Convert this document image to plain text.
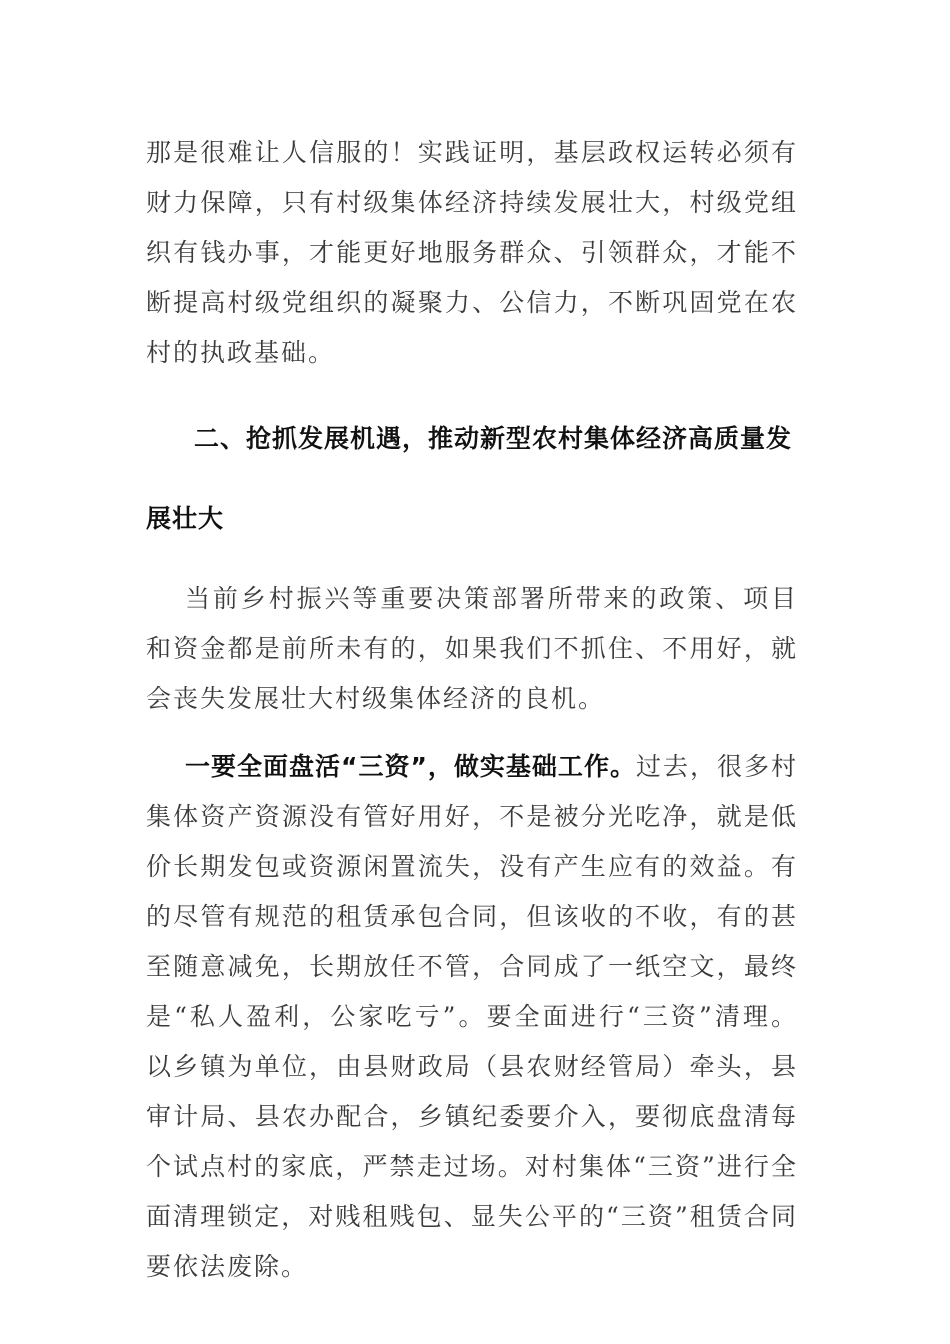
那是很难让人信服的！实践证明，基层政权运转必须有财力保障，只有村级集体经济持续发展壮大，村级党组织有钱办事，才能更好地服务群众、引领群众，才能不断提高村级党组织的凝聚力、公信力，不断巩固党在农村的执政基础。

二、抢抓发展机遇，推动新型农村集体经济高质量发
展壮大

当前乡村振兴等重要决策部署所带来的政策、项目和资金都是前所未有的，如果我们不抓住、不用好，就会丧失发展壮大村级集体经济的良机。

一要全面盘活“三资”，做实基础工作。过去，很多村集体资产资源没有管好用好，不是被分光吃净，就是低价长期发包或资源闲置流失，没有产生应有的效益。有的尽管有规范的租赁承包合同，但该收的不收，有的甚至随意减免，长期放任不管，合同成了一纸空文，最终是“私人盈利，公家吃亏”。要全面进行“三资”清理。以乡镇为单位，由县财政局（县农财经管局）牵头，县审计局、县农办配合，乡镇纪委要介入，要彻底盘清每个试点村的家底，严禁走过场。对村集体“三资”进行全面清理锁定，对贱租贱包、显失公平的“三资”租赁合同要依法废除。
